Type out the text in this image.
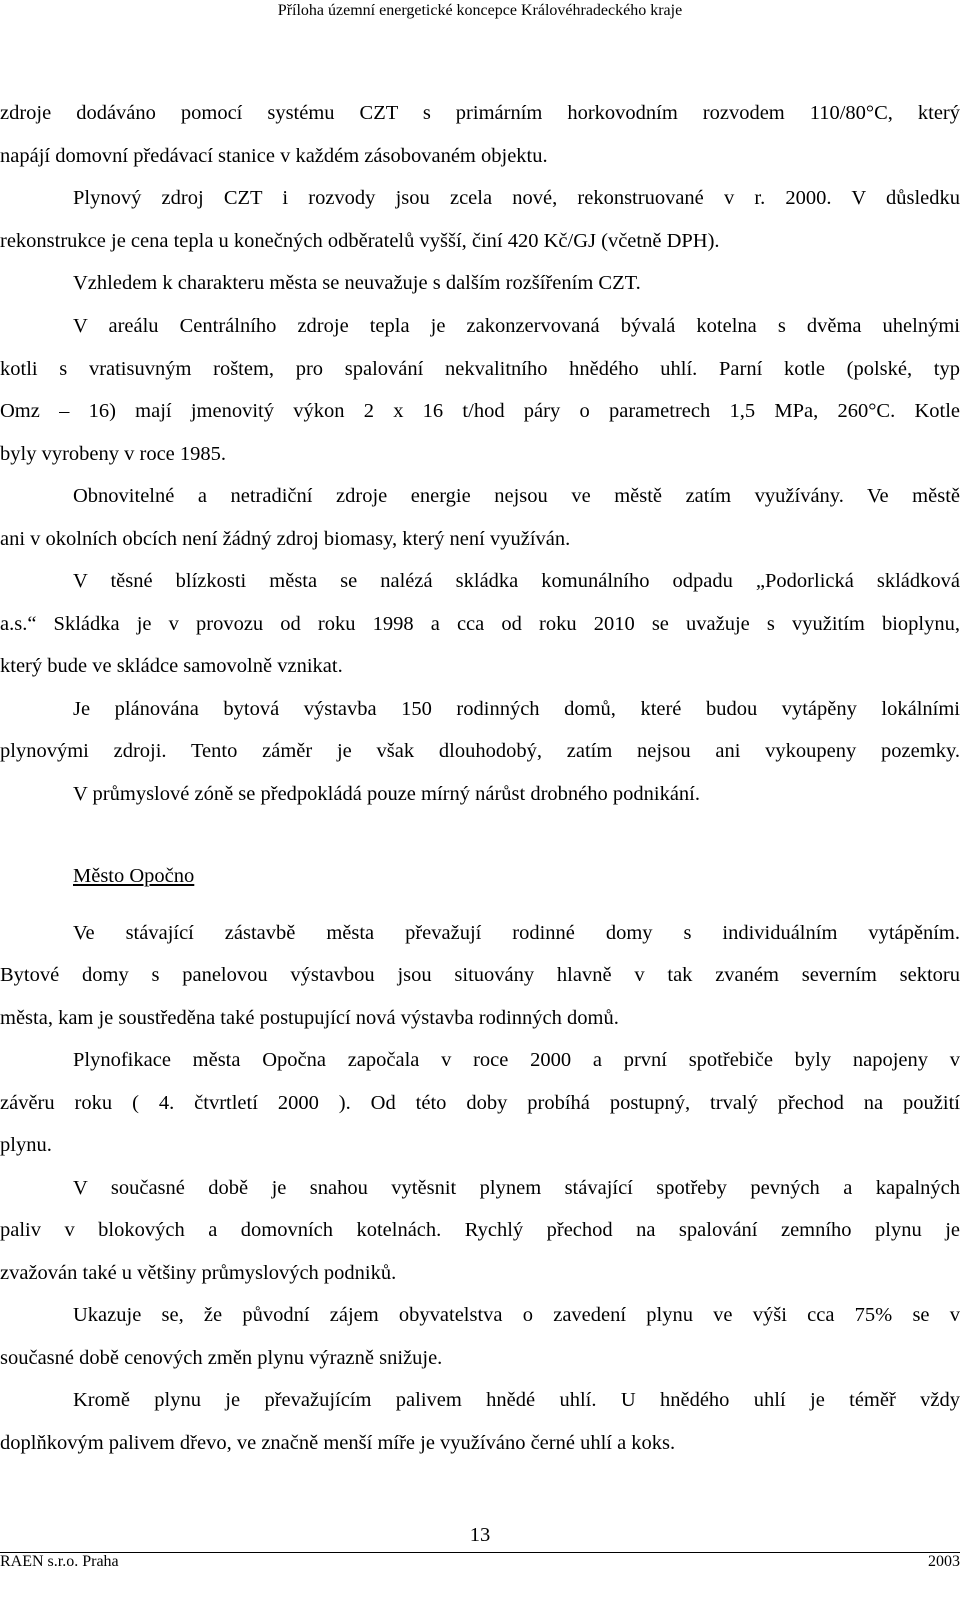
Příloha územní energetické koncepce Královéhradeckého kraje
zdroje dodáváno pomocí systému CZT s primárním horkovodním rozvodem 110/80°C, který
napájí domovní předávací stanice v každém zásobovaném objektu.
Plynový zdroj CZT i rozvody jsou zcela nové, rekonstruované v r. 2000. V důsledku
rekonstrukce je cena tepla u konečných odběratelů vyšší, činí 420 Kč/GJ (včetně DPH).
Vzhledem k charakteru města se neuvažuje s dalším rozšířením CZT.
V areálu Centrálního zdroje tepla je zakonzervovaná bývalá kotelna s dvěma uhelnými
kotli s vratisuvným roštem, pro spalování nekvalitního hnědého uhlí. Parní kotle (polské, typ
Omz – 16) mají jmenovitý výkon 2 x 16 t/hod páry o parametrech 1,5 MPa, 260°C. Kotle
byly vyrobeny v roce 1985.
Obnovitelné a netradiční zdroje energie nejsou ve městě zatím využívány. Ve městě
ani v okolních obcích není žádný zdroj biomasy, který není využíván.
V těsné blízkosti města se nalézá skládka komunálního odpadu „Podorlická skládková
a.s.“ Skládka je v provozu od roku 1998 a cca od roku 2010 se uvažuje s využitím bioplynu,
který bude ve skládce samovolně vznikat.
Je plánována bytová výstavba 150 rodinných domů, které budou vytápěny lokálními
plynovými zdroji. Tento záměr je však dlouhodobý, zatím nejsou ani vykoupeny pozemky.
V průmyslové zóně se předpokládá pouze mírný nárůst drobného podnikání.
Město Opočno
Ve stávající zástavbě města převažují rodinné domy s individuálním vytápěním.
Bytové domy s panelovou výstavbou jsou situovány hlavně v tak zvaném severním sektoru
města, kam je soustředěna také postupující nová výstavba rodinných domů.
Plynofikace města Opočna započala v roce 2000 a první spotřebiče byly napojeny v
závěru roku ( 4. čtvrtletí 2000 ). Od této doby probíhá postupný, trvalý přechod na použití
plynu.
V současné době je snahou vytěsnit plynem stávající spotřeby pevných a kapalných
paliv v blokových a domovních kotelnách. Rychlý přechod na spalování zemního plynu je
zvažován také u většiny průmyslových podniků.
Ukazuje se, že původní zájem obyvatelstva o zavedení plynu ve výši cca 75% se v
současné době cenových změn plynu výrazně snižuje.
Kromě plynu je převažujícím palivem hnědé uhlí. U hnědého uhlí je téměř vždy
doplňkovým palivem dřevo, ve značně menší míře je využíváno černé uhlí a koks.
13
RAEN s.r.o. Praha	2003
